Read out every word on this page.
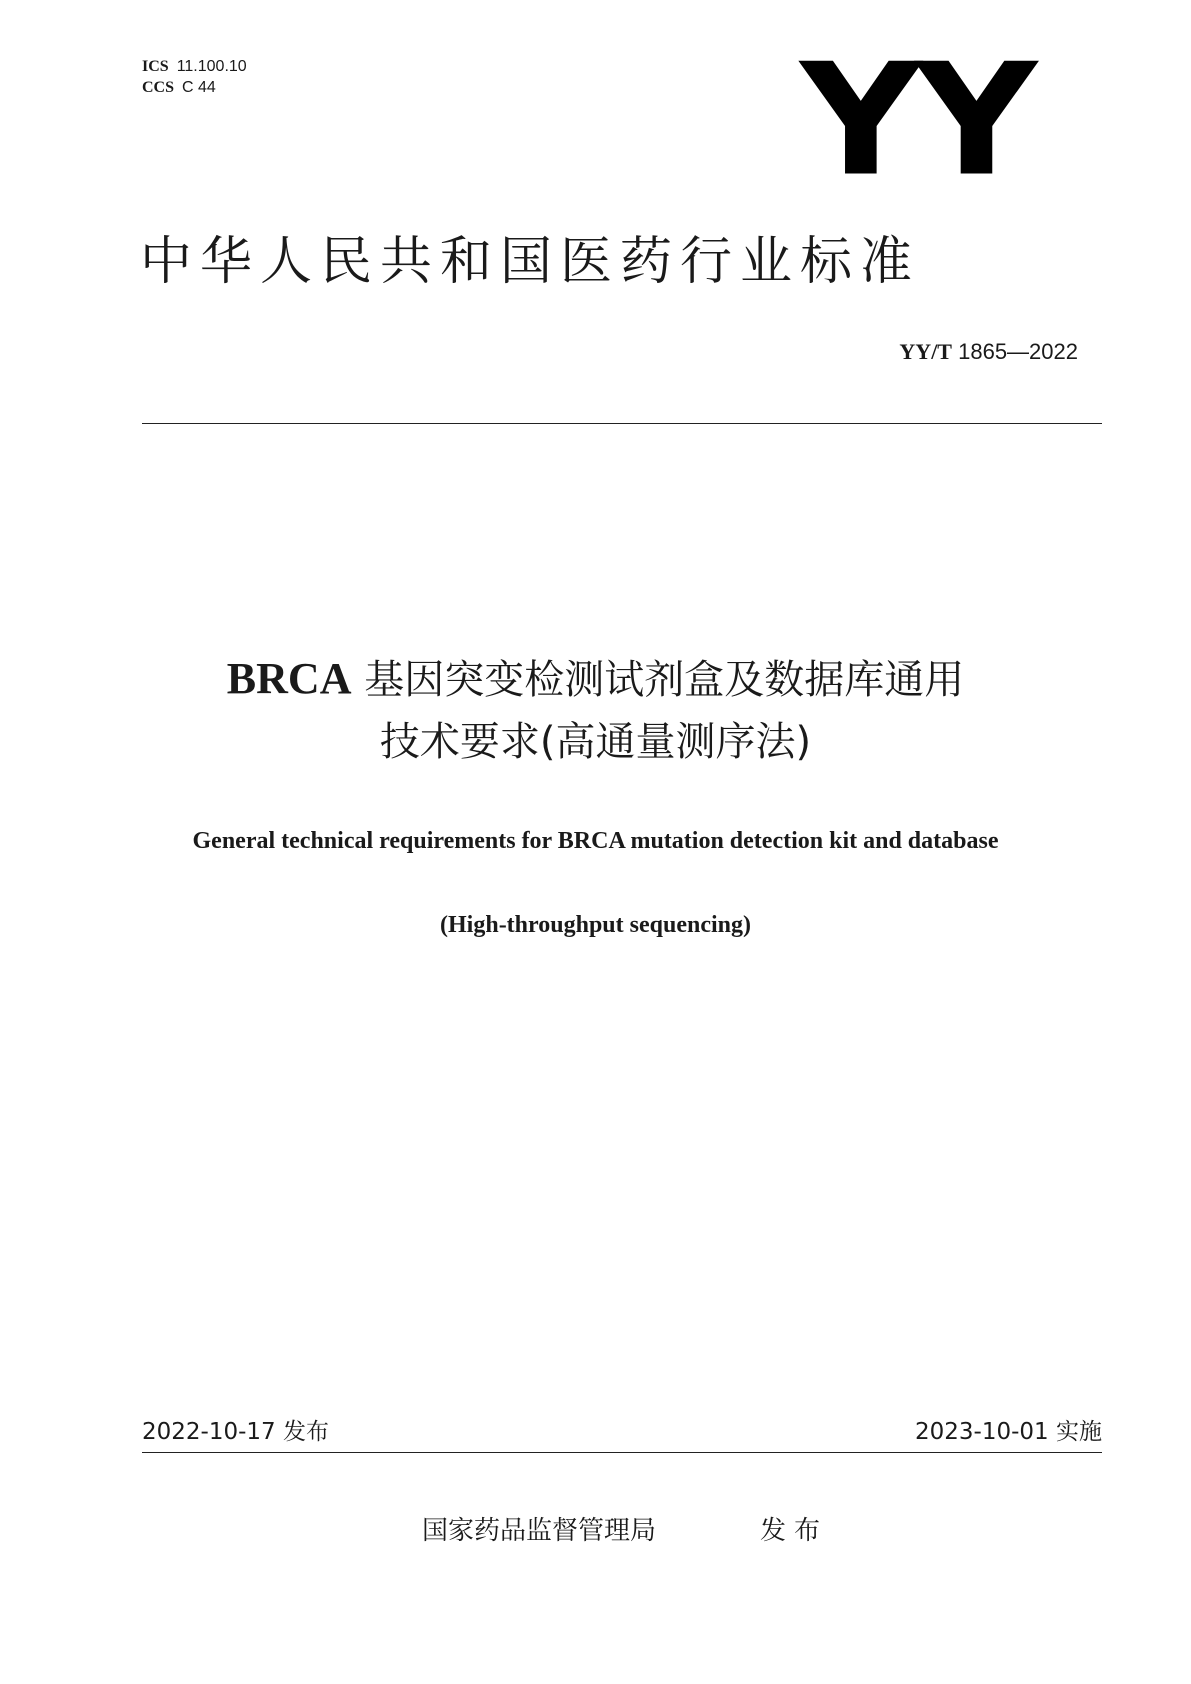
ICS 11.100.10
CCS C 44	YY
中华人民共和国医药行业标准
YY/T 1865—2022
BRCA 基因突变检测试剂盒及数据库通用
技术要求(高通量测序法)
General technical requirements for BRCA mutation detection kit and database
(High-throughput sequencing)
2022-10-17 发布	2023-10-01 实施
国家药品监督管理局	发布
